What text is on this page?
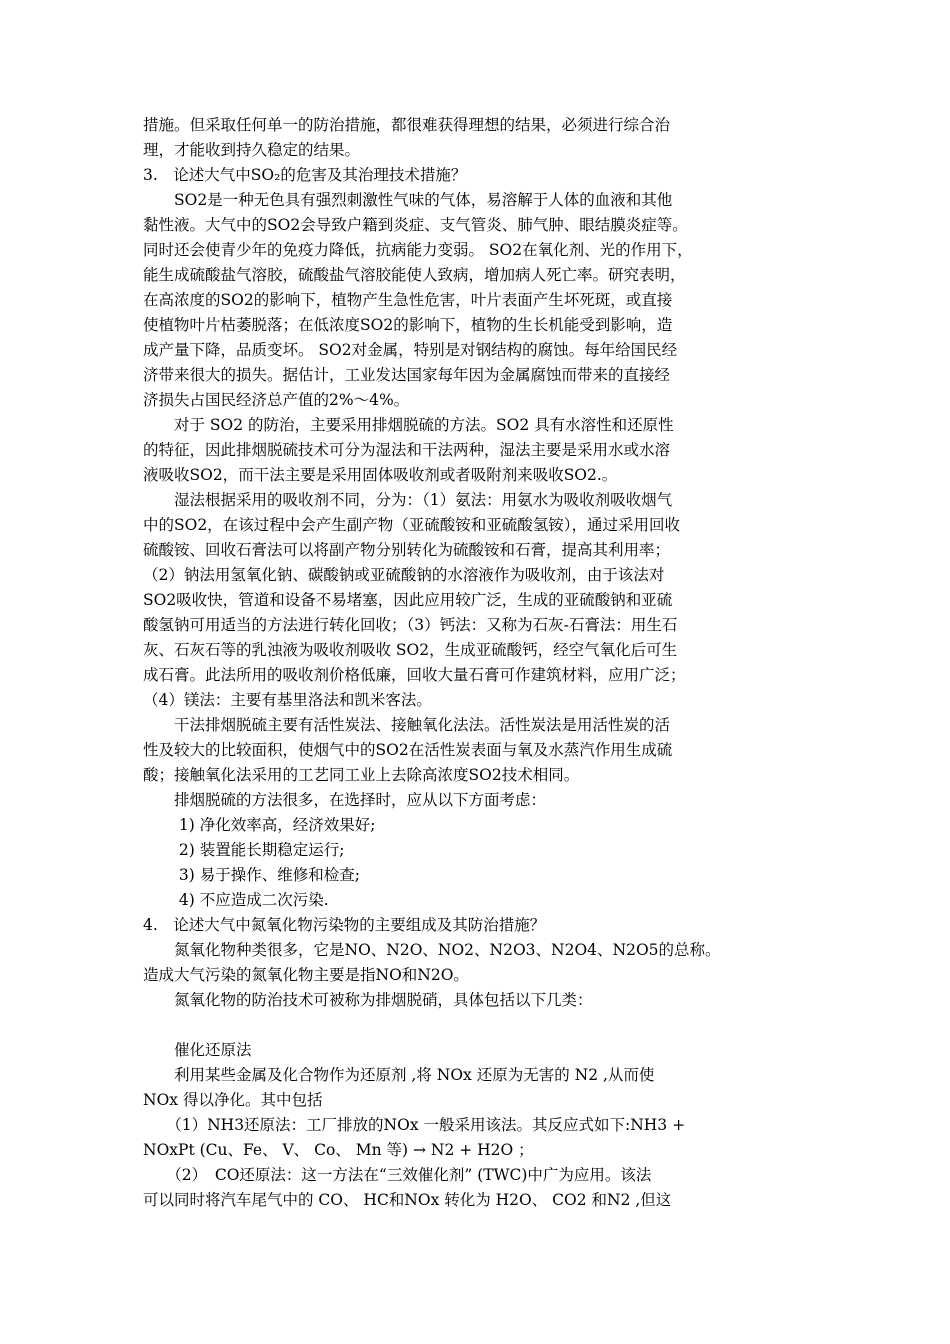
措施。但采取任何单一的防治措施，都很难获得理想的结果，必须进行综合治
理，才能收到持久稳定的结果。
3.　论述大气中SO₂的危害及其治理技术措施？
　　SO2是一种无色具有强烈刺激性气味的气体，易溶解于人体的血液和其他
黏性液。大气中的SO2会导致户籍到炎症、支气管炎、肺气肿、眼结膜炎症等。
同时还会使青少年的免疫力降低，抗病能力变弱。 SO2在氧化剂、光的作用下，
能生成硫酸盐气溶胶，硫酸盐气溶胶能使人致病，增加病人死亡率。研究表明，
在高浓度的SO2的影响下，植物产生急性危害，叶片表面产生坏死斑，或直接
使植物叶片枯萎脱落；在低浓度SO2的影响下，植物的生长机能受到影响，造
成产量下降，品质变坏。 SO2对金属，特别是对钢结构的腐蚀。每年给国民经
济带来很大的损失。据估计，工业发达国家每年因为金属腐蚀而带来的直接经
济损失占国民经济总产值的2%～4%。
　　对于 SO2 的防治，主要采用排烟脱硫的方法。SO2 具有水溶性和还原性
的特征，因此排烟脱硫技术可分为湿法和干法两种，湿法主要是采用水或水溶
液吸收SO2，而干法主要是采用固体吸收剂或者吸附剂来吸收SO2.。
　　湿法根据采用的吸收剂不同，分为：（1）氨法：用氨水为吸收剂吸收烟气
中的SO2，在该过程中会产生副产物（亚硫酸铵和亚硫酸氢铵），通过采用回收
硫酸铵、回收石膏法可以将副产物分别转化为硫酸铵和石膏，提高其利用率；
（2）钠法用氢氧化钠、碳酸钠或亚硫酸钠的水溶液作为吸收剂，由于该法对
SO2吸收快，管道和设备不易堵塞，因此应用较广泛，生成的亚硫酸钠和亚硫
酸氢钠可用适当的方法进行转化回收；（3）钙法：又称为石灰-石膏法：用生石
灰、石灰石等的乳浊液为吸收剂吸收 SO2，生成亚硫酸钙，经空气氧化后可生
成石膏。此法所用的吸收剂价格低廉，回收大量石膏可作建筑材料，应用广泛；
（4）镁法：主要有基里洛法和凯米客法。
　　干法排烟脱硫主要有活性炭法、接触氧化法法。活性炭法是用活性炭的活
性及较大的比较面积，使烟气中的SO2在活性炭表面与氧及水蒸汽作用生成硫
酸；接触氧化法采用的工艺同工业上去除高浓度SO2技术相同。
　　排烟脱硫的方法很多，在选择时，应从以下方面考虑：
　　 1) 净化效率高，经济效果好;
　　 2) 装置能长期稳定运行;
　　 3) 易于操作、维修和检查;
　　 4) 不应造成二次污染.
4.　论述大气中氮氧化物污染物的主要组成及其防治措施？
　　氮氧化物种类很多，它是NO、N2O、NO2、N2O3、N2O4、N2O5的总称。
造成大气污染的氮氧化物主要是指NO和N2O。
　　氮氧化物的防治技术可被称为排烟脱硝，具体包括以下几类：
　　催化还原法
　　利用某些金属及化合物作为还原剂 ,将 NOx 还原为无害的 N2 ,从而使
NOx 得以净化。其中包括
　　（1）NH3还原法：工厂排放的NOx 一般采用该法。其反应式如下:NH3 +
NOxPt (Cu、Fe、 V、 Co、 Mn 等) → N2 + H2O ；
　　（2）　CO还原法：这一方法在“三效催化剂” (TWC)中广为应用。该法
可以同时将汽车尾气中的 CO、 HC和NOx 转化为 H2O、 CO2 和N2 ,但这
